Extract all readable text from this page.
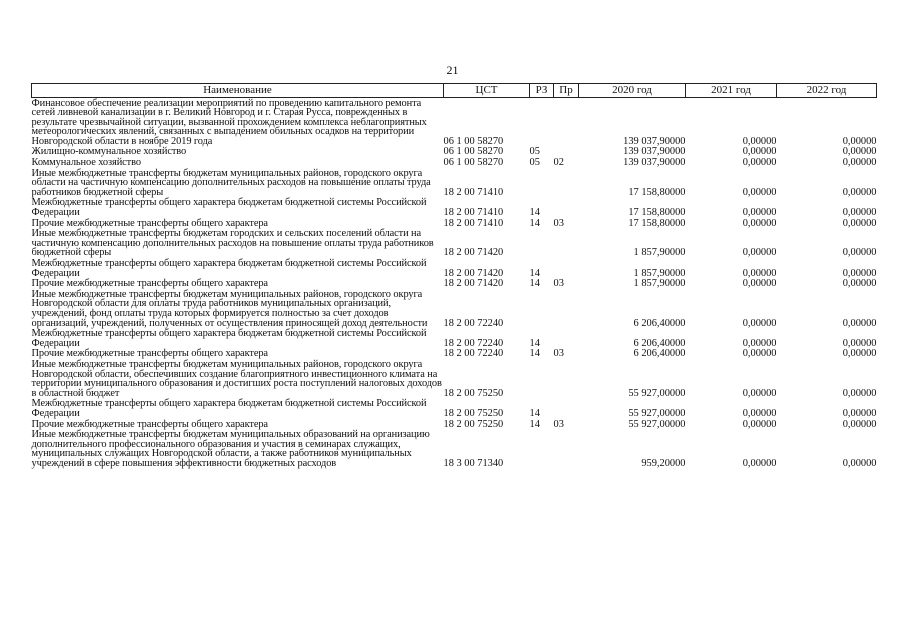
21
Наименование	ЦСТ	РЗ	Пр	2020 год	2021 год	2022 год
Финансовое обеспечение реализации мероприятий по проведению капитального ремонта сетей ливневой канализации в г. Великий Новгород и г. Старая Русса, поврежденных в результате чрезвычайной ситуации, вызванной прохождением комплекса неблагоприятных метеорологических явлений, связанных с выпадением обильных осадков на территории Новгородской области в ноябре 2019 года	06 1 00 58270			139 037,90000	0,00000	0,00000
Жилищно-коммунальное хозяйство	06 1 00 58270	05		139 037,90000	0,00000	0,00000
Коммунальное хозяйство	06 1 00 58270	05	02	139 037,90000	0,00000	0,00000
Иные межбюджетные трансферты бюджетам муниципальных районов, городского округа области на частичную компенсацию дополнительных расходов на повышение оплаты труда работников бюджетной сферы	18 2 00 71410			17 158,80000	0,00000	0,00000
Межбюджетные трансферты общего характера бюджетам бюджетной системы Российской Федерации	18 2 00 71410	14		17 158,80000	0,00000	0,00000
Прочие межбюджетные трансферты общего характера	18 2 00 71410	14	03	17 158,80000	0,00000	0,00000
Иные межбюджетные трансферты бюджетам городских и сельских поселений области на частичную компенсацию дополнительных расходов на повышение оплаты труда работников бюджетной сферы	18 2 00 71420			1 857,90000	0,00000	0,00000
Межбюджетные трансферты общего характера бюджетам бюджетной системы Российской Федерации	18 2 00 71420	14		1 857,90000	0,00000	0,00000
Прочие межбюджетные трансферты общего характера	18 2 00 71420	14	03	1 857,90000	0,00000	0,00000
Иные межбюджетные трансферты бюджетам муниципальных районов, городского округа Новгородской области для оплаты труда работников муниципальных организаций, учреждений, фонд оплаты труда которых формируется полностью за счет доходов организаций, учреждений, полученных от осуществления приносящей доход деятельности	18 2 00 72240			6 206,40000	0,00000	0,00000
Межбюджетные трансферты общего характера бюджетам бюджетной системы Российской Федерации	18 2 00 72240	14		6 206,40000	0,00000	0,00000
Прочие межбюджетные трансферты общего характера	18 2 00 72240	14	03	6 206,40000	0,00000	0,00000
Иные межбюджетные трансферты бюджетам муниципальных районов, городского округа Новгородской области, обеспечивших создание благоприятного инвестиционного климата на территории муниципального образования и достигших роста поступлений налоговых доходов в областной бюджет	18 2 00 75250			55 927,00000	0,00000	0,00000
Межбюджетные трансферты общего характера бюджетам бюджетной системы Российской Федерации	18 2 00 75250	14		55 927,00000	0,00000	0,00000
Прочие межбюджетные трансферты общего характера	18 2 00 75250	14	03	55 927,00000	0,00000	0,00000
Иные межбюджетные трансферты бюджетам муниципальных образований на организацию дополнительного профессионального образования и участия в семинарах служащих, муниципальных служащих Новгородской области, а также работников муниципальных учреждений в сфере повышения эффективности бюджетных расходов	18 3 00 71340			959,20000	0,00000	0,00000
